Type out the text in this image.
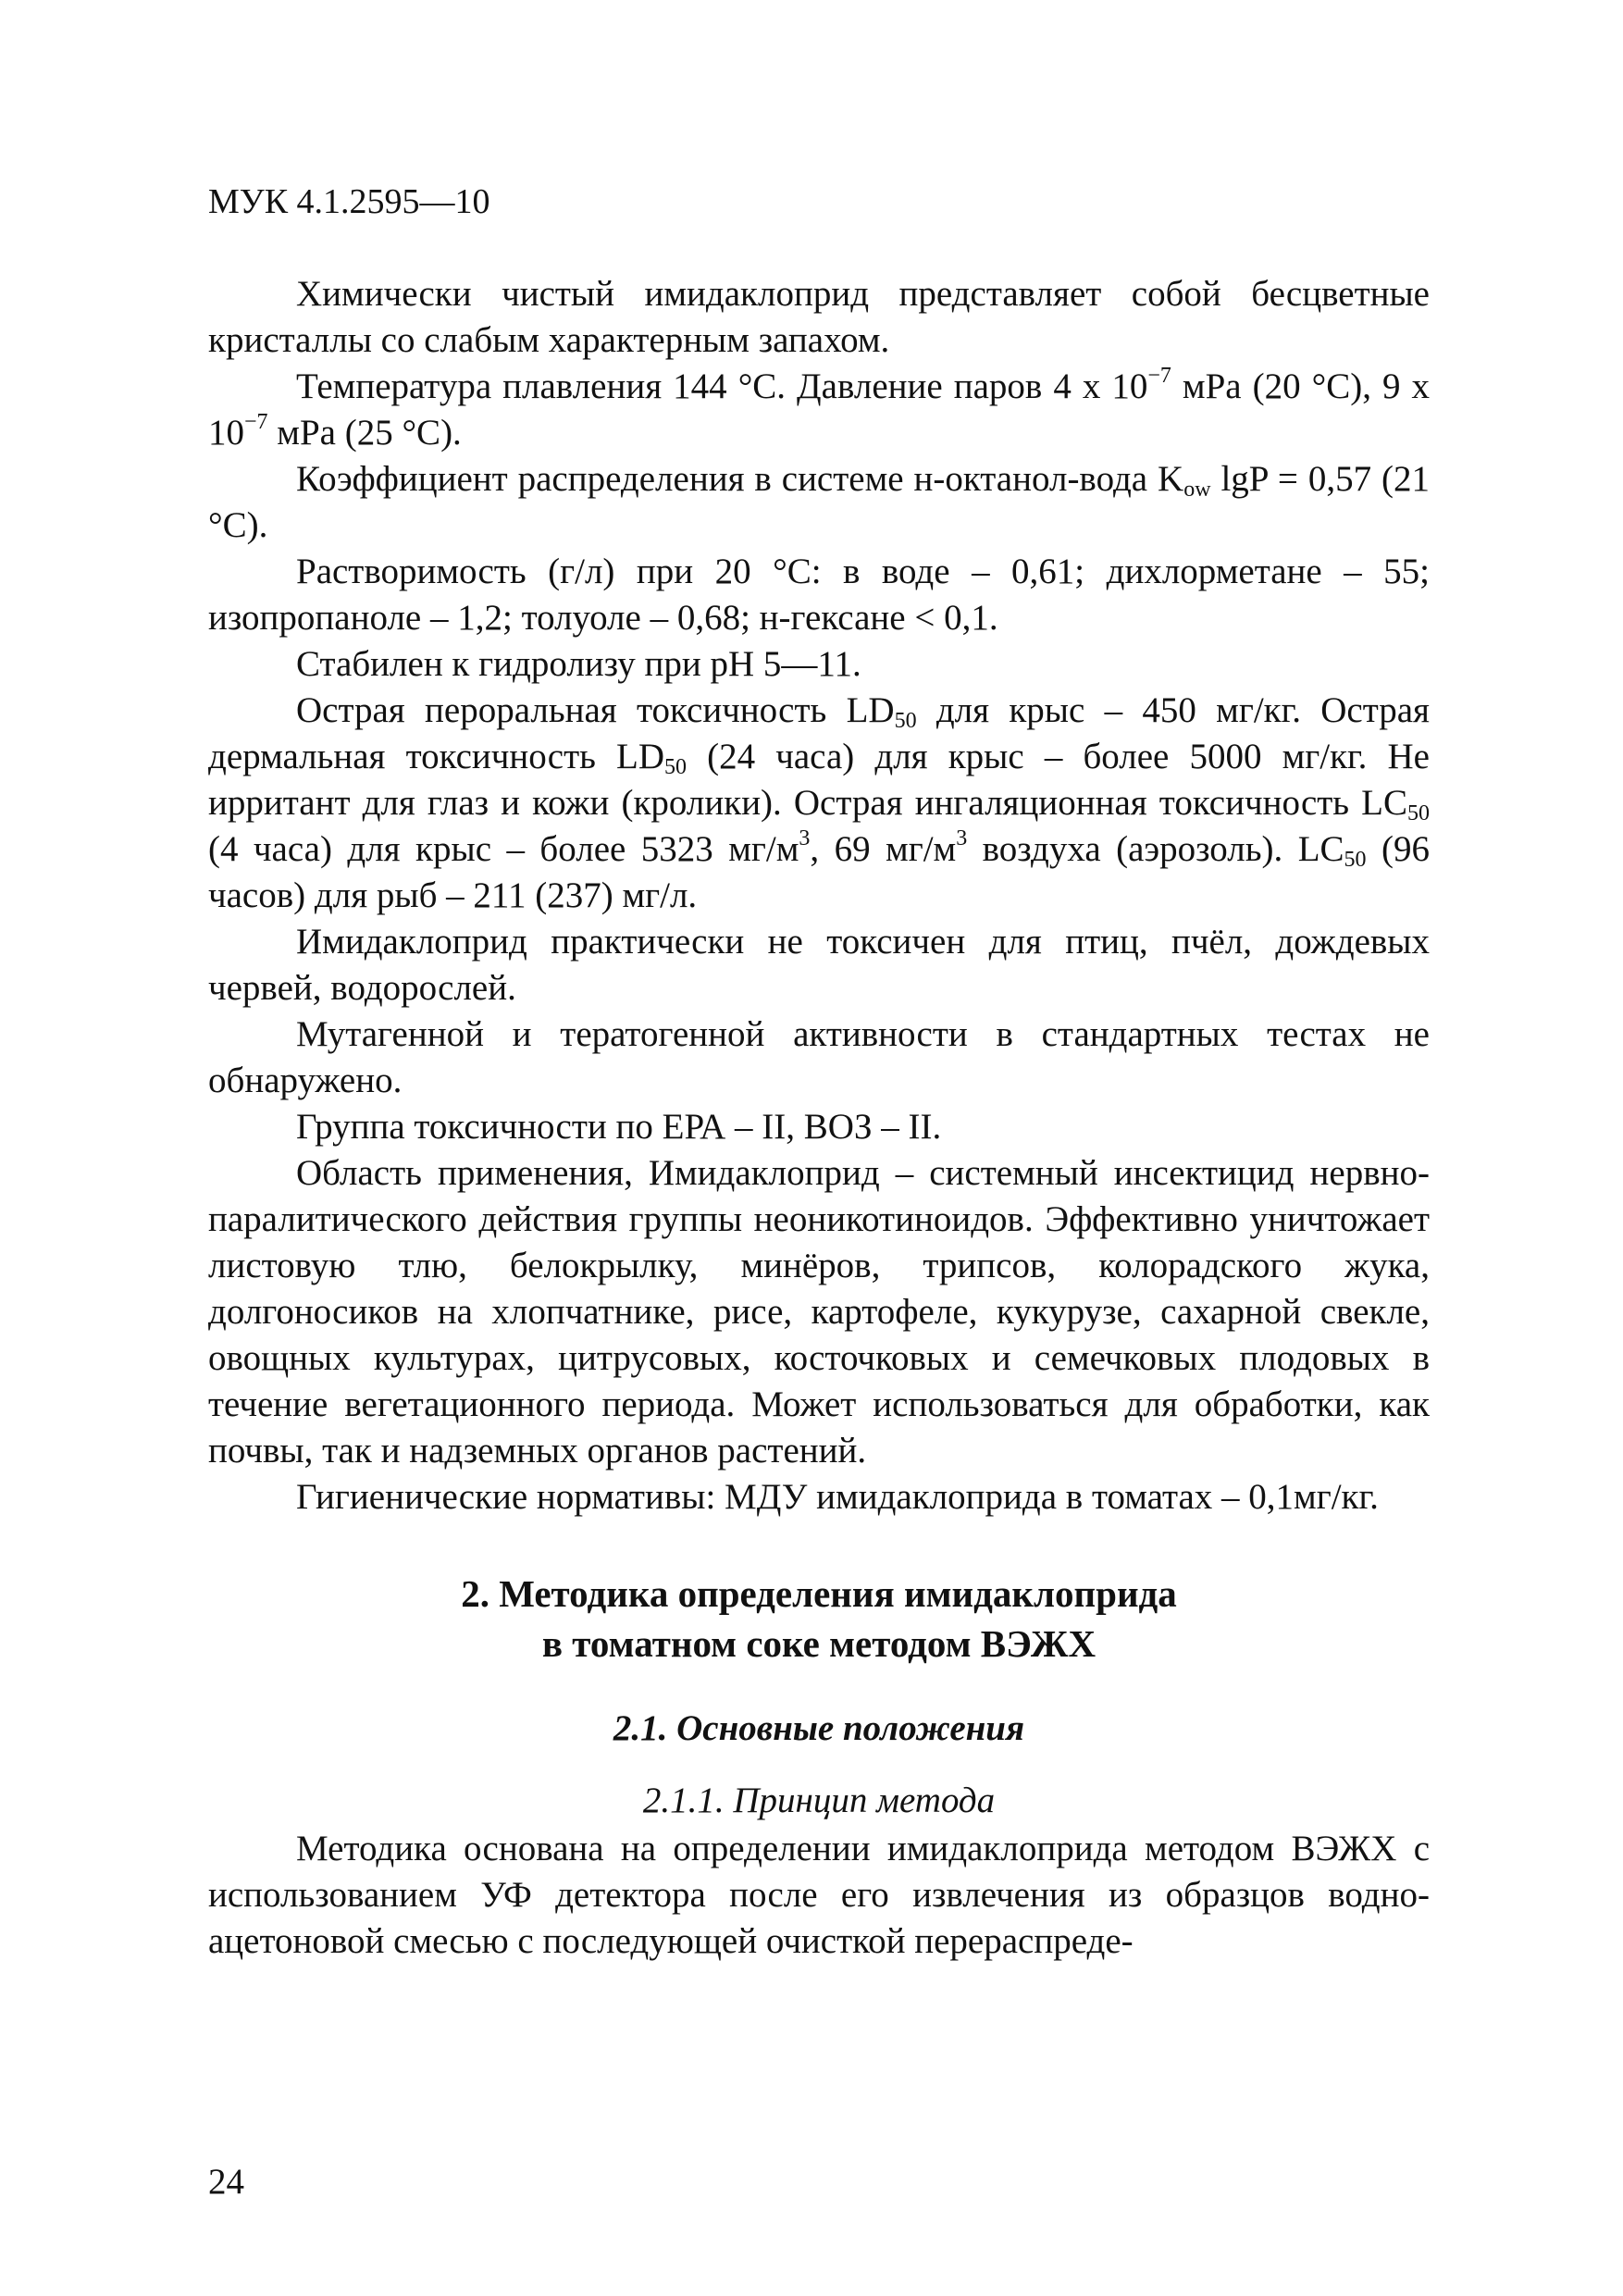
МУК 4.1.2595—10

Химически чистый имидаклоприд представляет собой бесцветные кристаллы со слабым характерным запахом.

Температура плавления 144 °С. Давление паров 4 х $10^{-7}$ мРа (20 °С), 9 х $10^{-7}$ мРа (25 °С).

Коэффициент распределения в системе н-октанол-вода $K_{ow}$ lgP = 0,57 (21 °С).

Растворимость (г/л) при 20 °С: в воде – 0,61; дихлорметане – 55; изопропаноле – 1,2; толуоле – 0,68; н-гексане < 0,1.

Стабилен к гидролизу при рН 5—11.

Острая пероральная токсичность $LD_{50}$ для крыс – 450 мг/кг. Острая дермальная токсичность $LD_{50}$ (24 часа) для крыс – более 5000 мг/кг. Не ирритант для глаз и кожи (кролики). Острая ингаляционная токсичность $LC_{50}$ (4 часа) для крыс – более 5323 $мг/м^3$, 69 $мг/м^3$ воздуха (аэрозоль). $LC_{50}$ (96 часов) для рыб – 211 (237) мг/л.

Имидаклоприд практически не токсичен для птиц, пчёл, дождевых червей, водорослей.

Мутагенной и тератогенной активности в стандартных тестах не обнаружено.

Группа токсичности по ЕРА – II, ВОЗ – II.

Область применения, Имидаклоприд – системный инсектицид нервно-паралитического действия группы неоникотиноидов. Эффективно уничтожает листовую тлю, белокрылку, минёров, трипсов, колорадского жука, долгоносиков на хлопчатнике, рисе, картофеле, кукурузе, сахарной свекле, овощных культурах, цитрусовых, косточковых и семечковых плодовых в течение вегетационного периода. Может использоваться для обработки, как почвы, так и надземных органов растений.

Гигиенические нормативы: МДУ имидаклоприда в томатах – 0,1мг/кг.

2. Методика определения имидаклоприда
в томатном соке методом ВЭЖХ
2.1. Основные положения
2.1.1. Принцип метода

Методика основана на определении имидаклоприда методом ВЭЖХ с использованием УФ детектора после его извлечения из образцов водно-ацетоновой смесью с последующей очисткой перераспреде-

24
